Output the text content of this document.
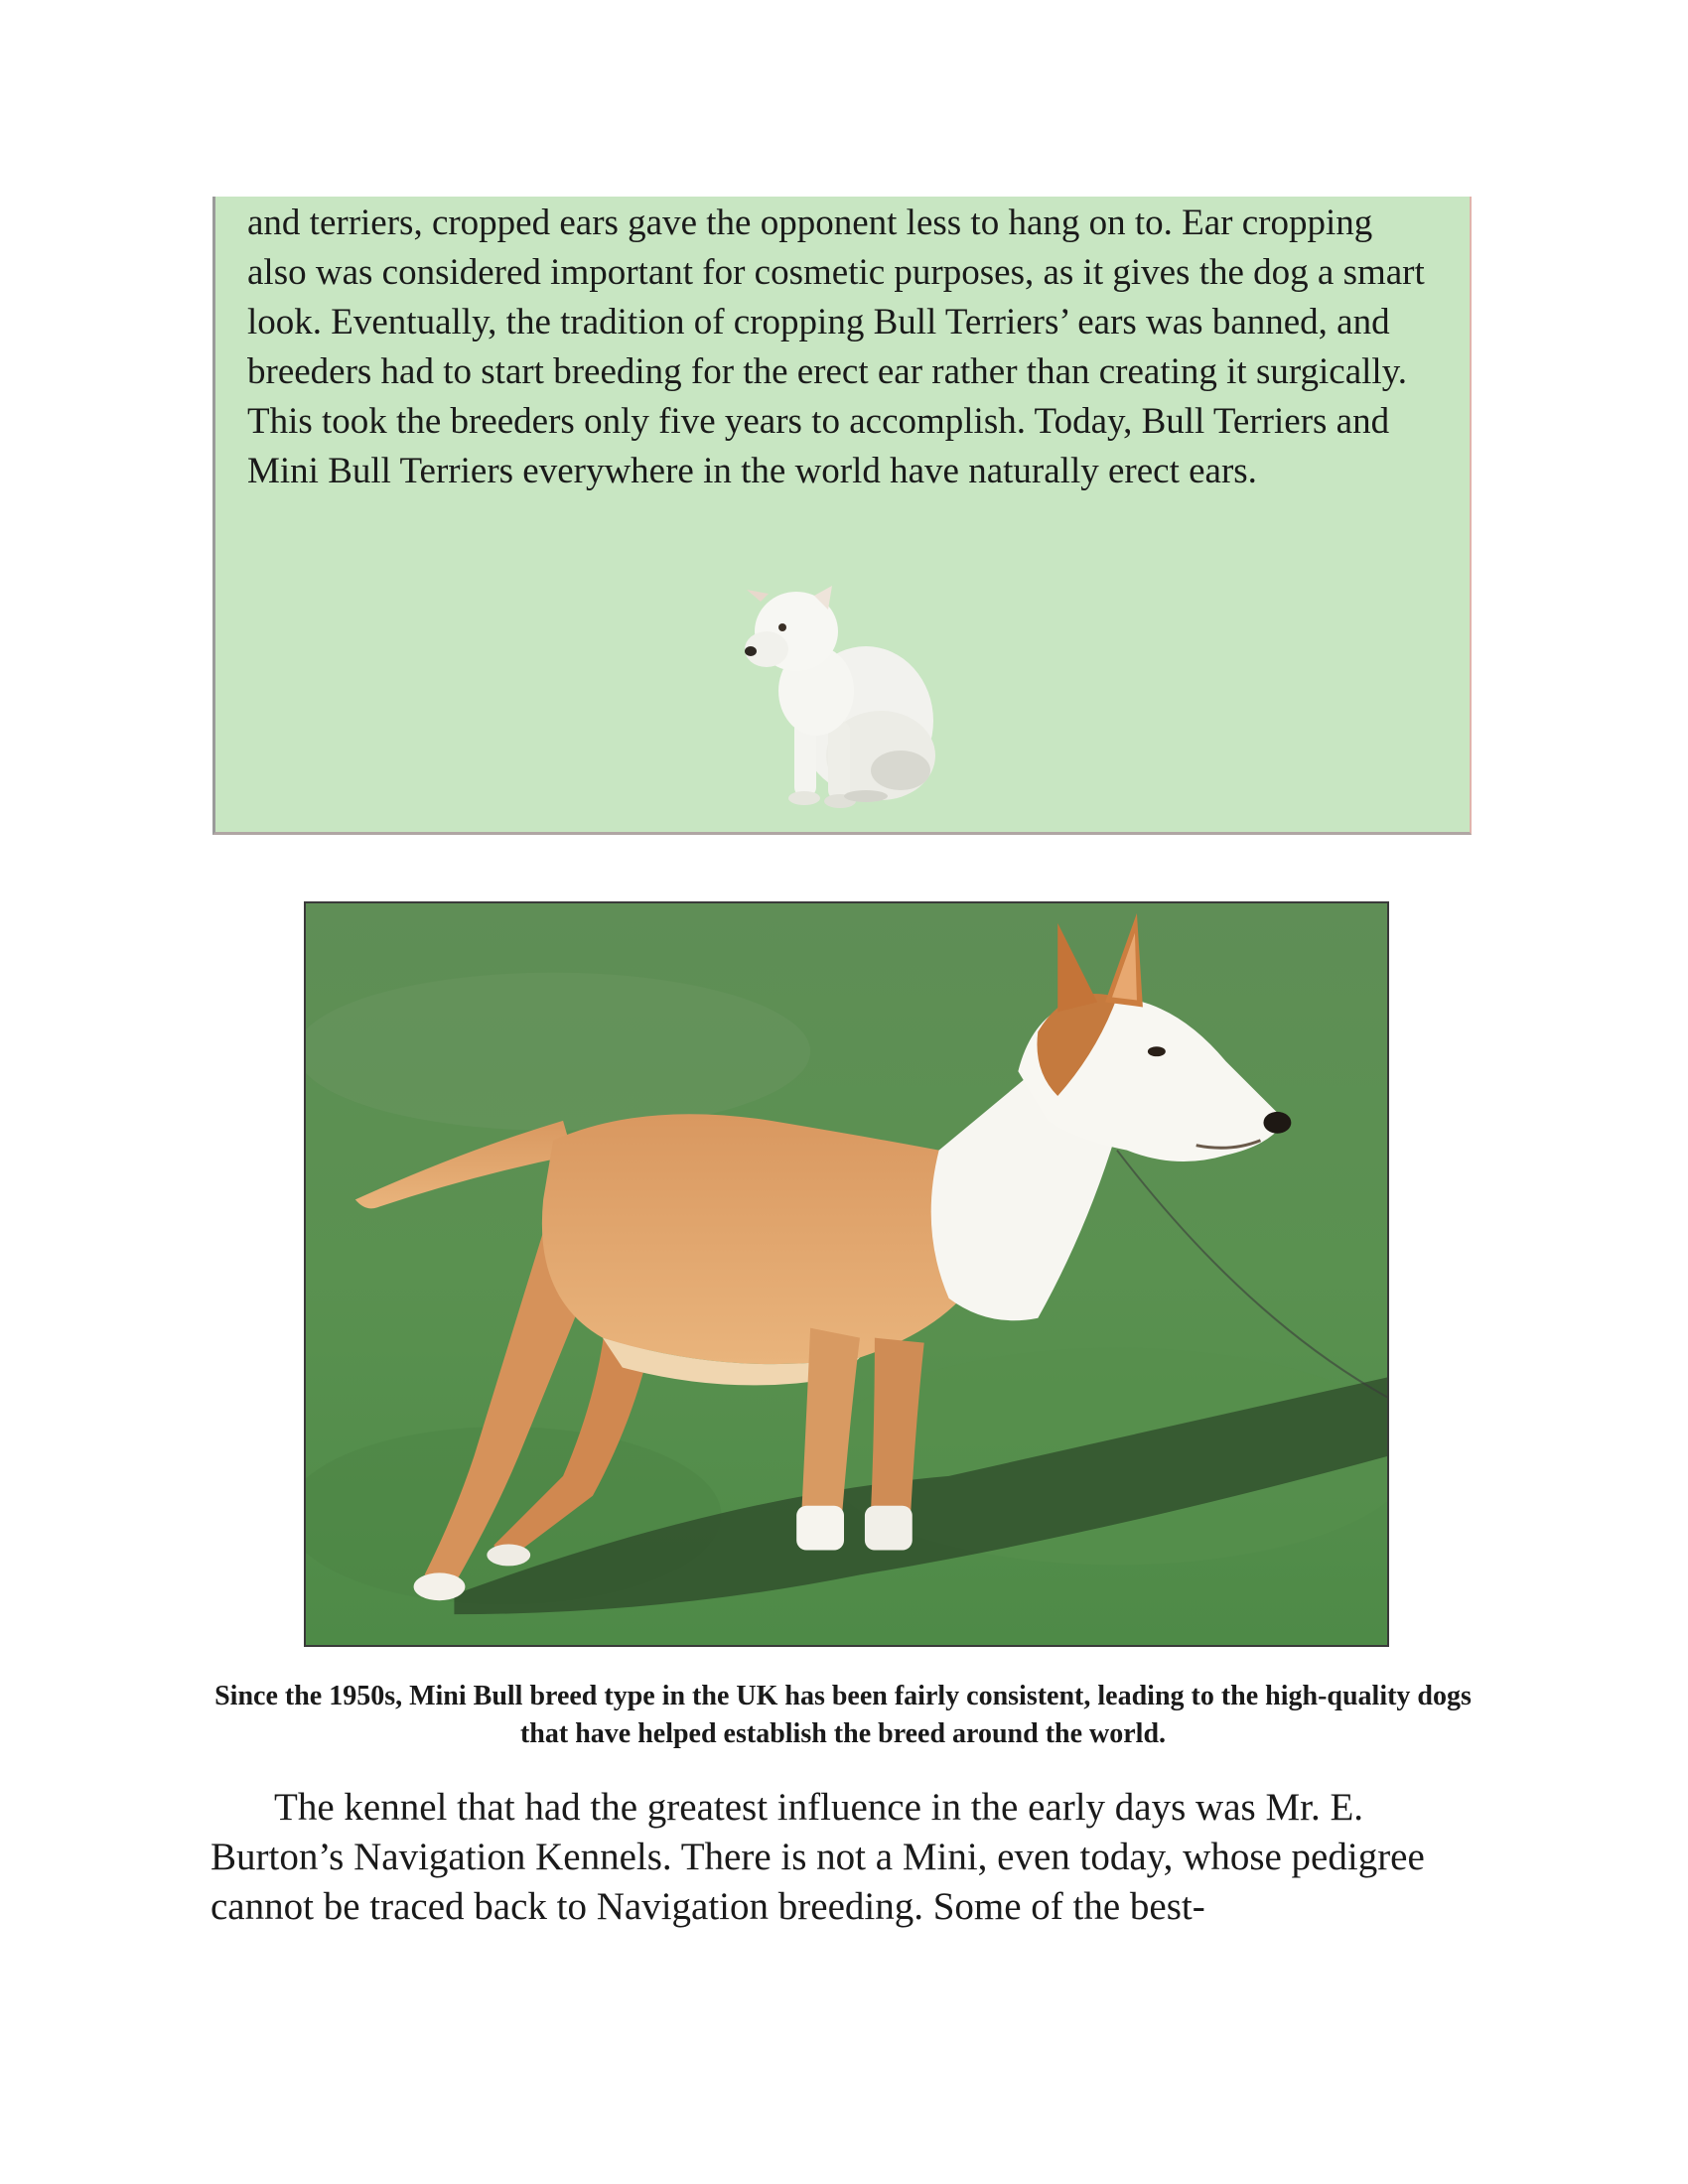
and terriers, cropped ears gave the opponent less to hang on to. Ear cropping also was considered important for cosmetic purposes, as it gives the dog a smart look. Eventually, the tradition of cropping Bull Terriers’ ears was banned, and breeders had to start breeding for the erect ear rather than creating it surgically. This took the breeders only five years to accomplish. Today, Bull Terriers and Mini Bull Terriers everywhere in the world have naturally erect ears.

Since the 1950s, Mini Bull breed type in the UK has been fairly consistent, leading to the high-quality dogs that have helped establish the breed around the world.

The kennel that had the greatest influence in the early days was Mr. E. Burton’s Navigation Kennels. There is not a Mini, even today, whose pedigree cannot be traced back to Navigation breeding. Some of the best-
